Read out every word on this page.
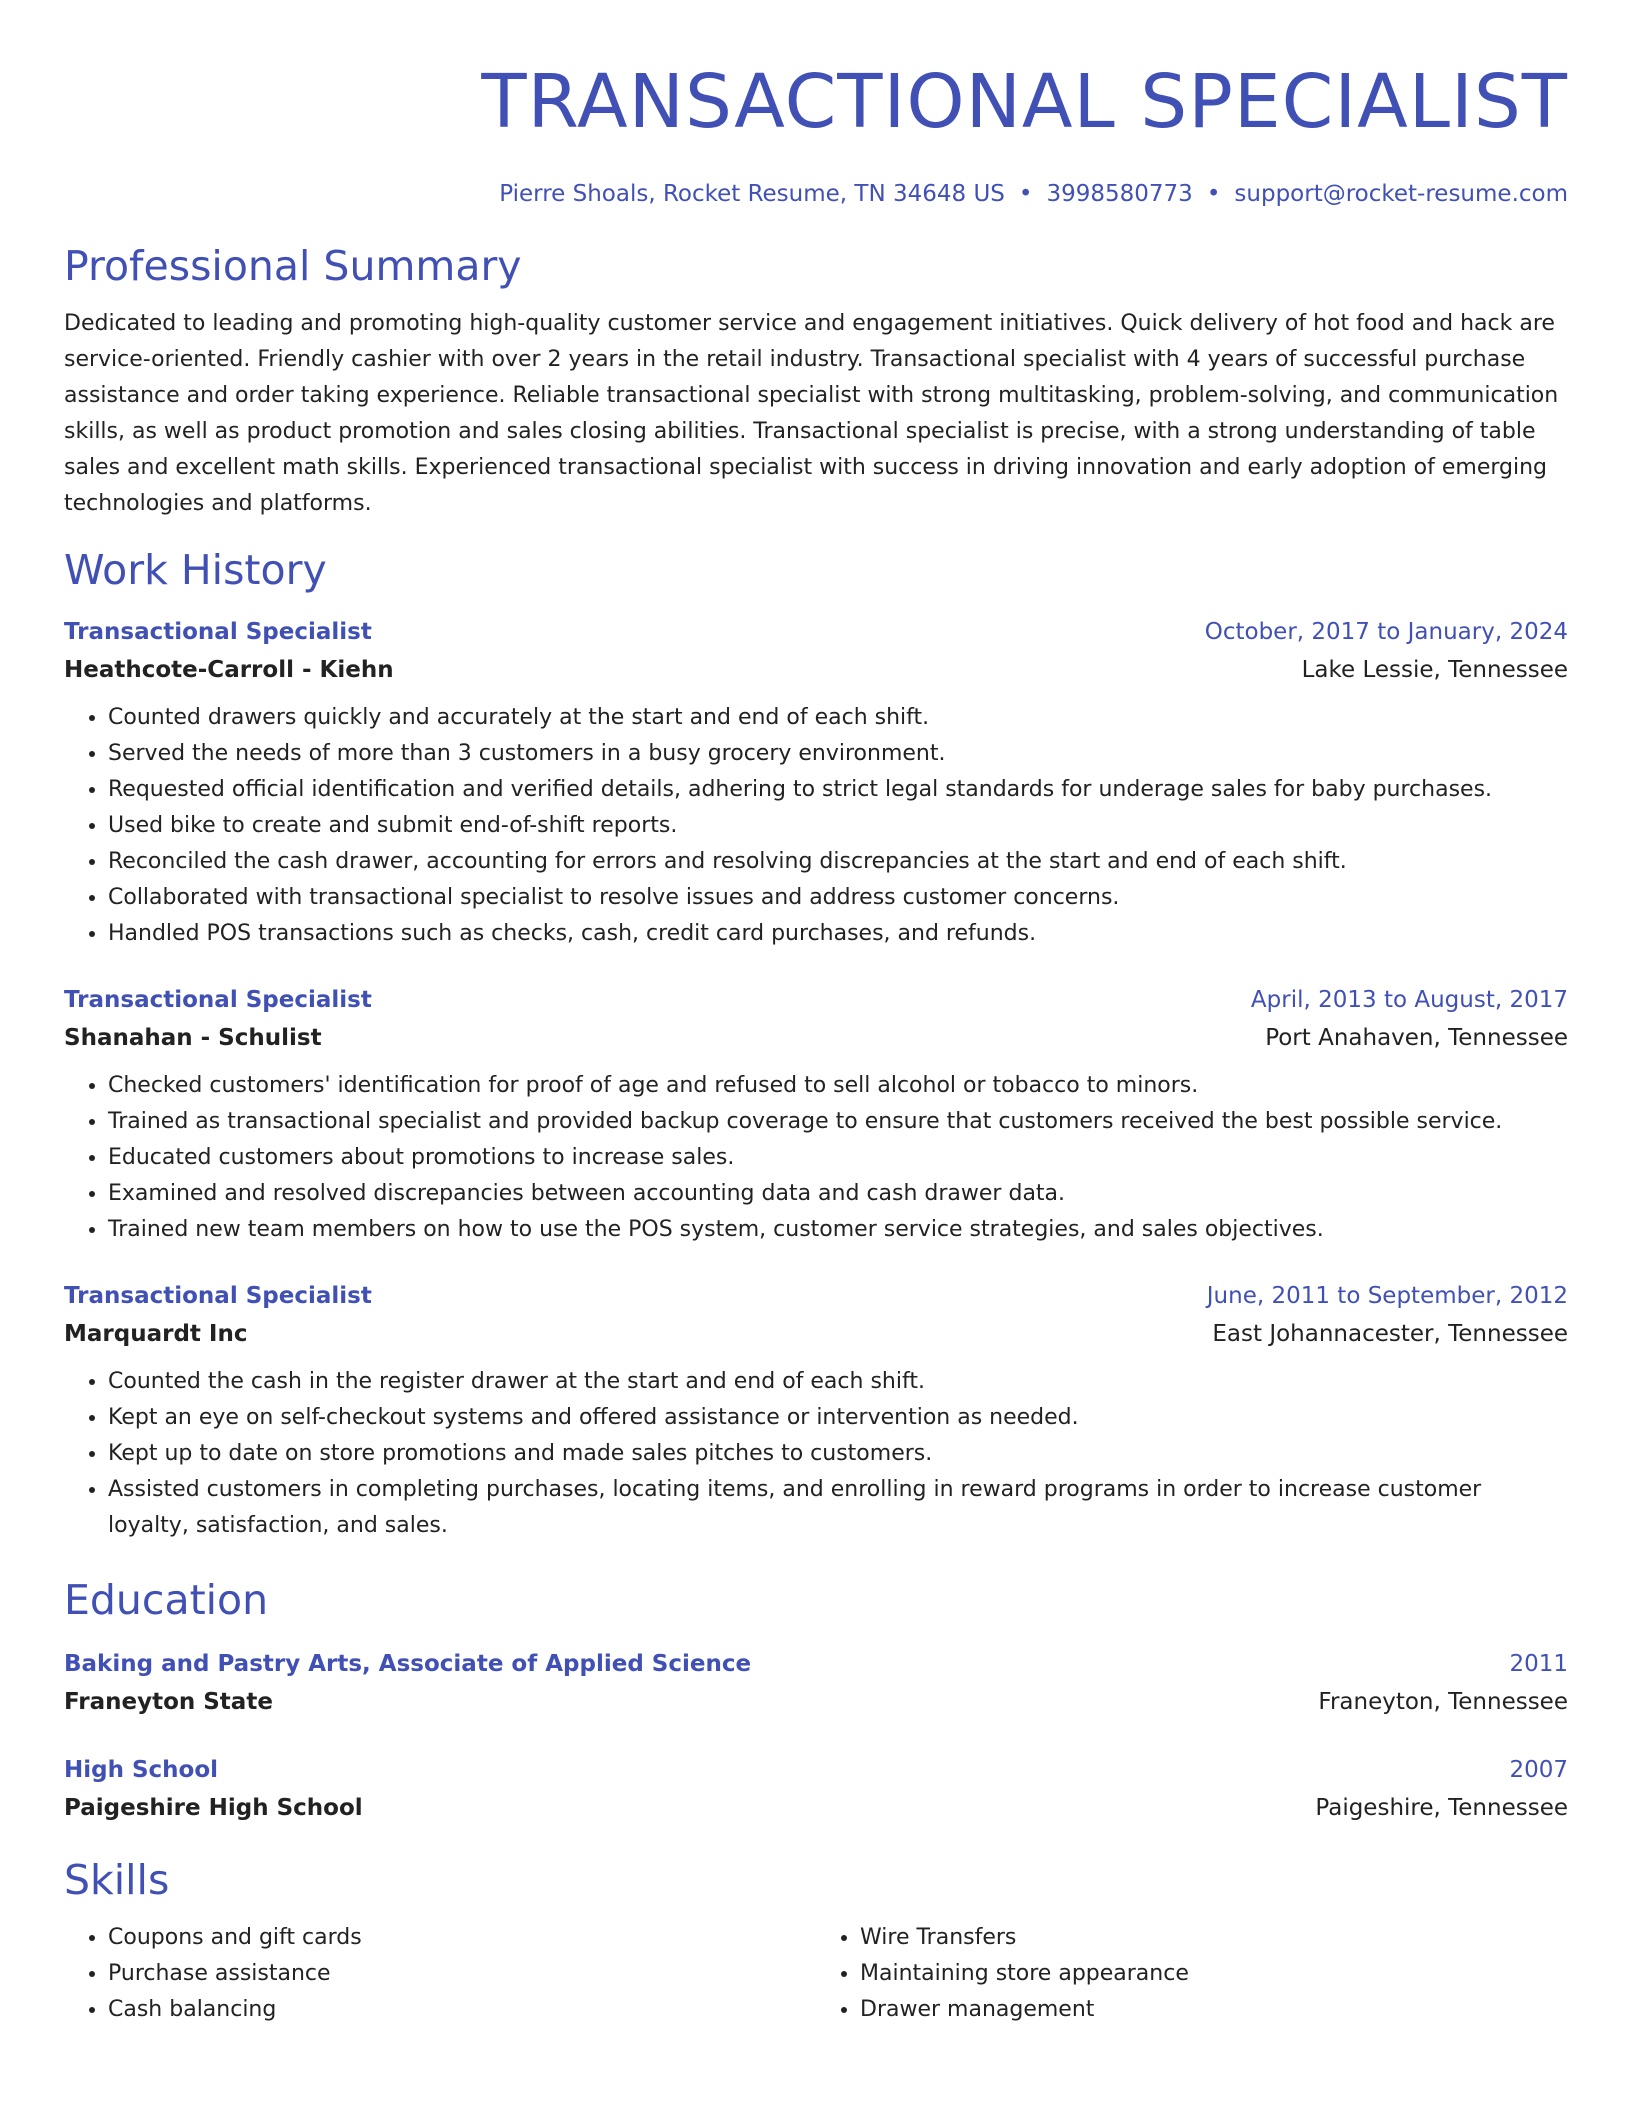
TRANSACTIONAL SPECIALIST
Pierre Shoals, Rocket Resume, TN 34648 US • 3998580773 • support@rocket-resume.com
Professional Summary
Dedicated to leading and promoting high-quality customer service and engagement initiatives. Quick delivery of hot food and hack are service-oriented. Friendly cashier with over 2 years in the retail industry. Transactional specialist with 4 years of successful purchase assistance and order taking experience. Reliable transactional specialist with strong multitasking, problem-solving, and communication skills, as well as product promotion and sales closing abilities. Transactional specialist is precise, with a strong understanding of table sales and excellent math skills. Experienced transactional specialist with success in driving innovation and early adoption of emerging technologies and platforms.
Work History
Transactional Specialist	October, 2017 to January, 2024
Heathcote-Carroll - Kiehn	Lake Lessie, Tennessee
• Counted drawers quickly and accurately at the start and end of each shift.
• Served the needs of more than 3 customers in a busy grocery environment.
• Requested official identification and verified details, adhering to strict legal standards for underage sales for baby purchases.
• Used bike to create and submit end-of-shift reports.
• Reconciled the cash drawer, accounting for errors and resolving discrepancies at the start and end of each shift.
• Collaborated with transactional specialist to resolve issues and address customer concerns.
• Handled POS transactions such as checks, cash, credit card purchases, and refunds.
Transactional Specialist	April, 2013 to August, 2017
Shanahan - Schulist	Port Anahaven, Tennessee
• Checked customers' identification for proof of age and refused to sell alcohol or tobacco to minors.
• Trained as transactional specialist and provided backup coverage to ensure that customers received the best possible service.
• Educated customers about promotions to increase sales.
• Examined and resolved discrepancies between accounting data and cash drawer data.
• Trained new team members on how to use the POS system, customer service strategies, and sales objectives.
Transactional Specialist	June, 2011 to September, 2012
Marquardt Inc	East Johannacester, Tennessee
• Counted the cash in the register drawer at the start and end of each shift.
• Kept an eye on self-checkout systems and offered assistance or intervention as needed.
• Kept up to date on store promotions and made sales pitches to customers.
• Assisted customers in completing purchases, locating items, and enrolling in reward programs in order to increase customer loyalty, satisfaction, and sales.
Education
Baking and Pastry Arts, Associate of Applied Science	2011
Franeyton State	Franeyton, Tennessee
High School	2007
Paigeshire High School	Paigeshire, Tennessee
Skills
• Coupons and gift cards
• Purchase assistance
• Cash balancing
• Wire Transfers
• Maintaining store appearance
• Drawer management
